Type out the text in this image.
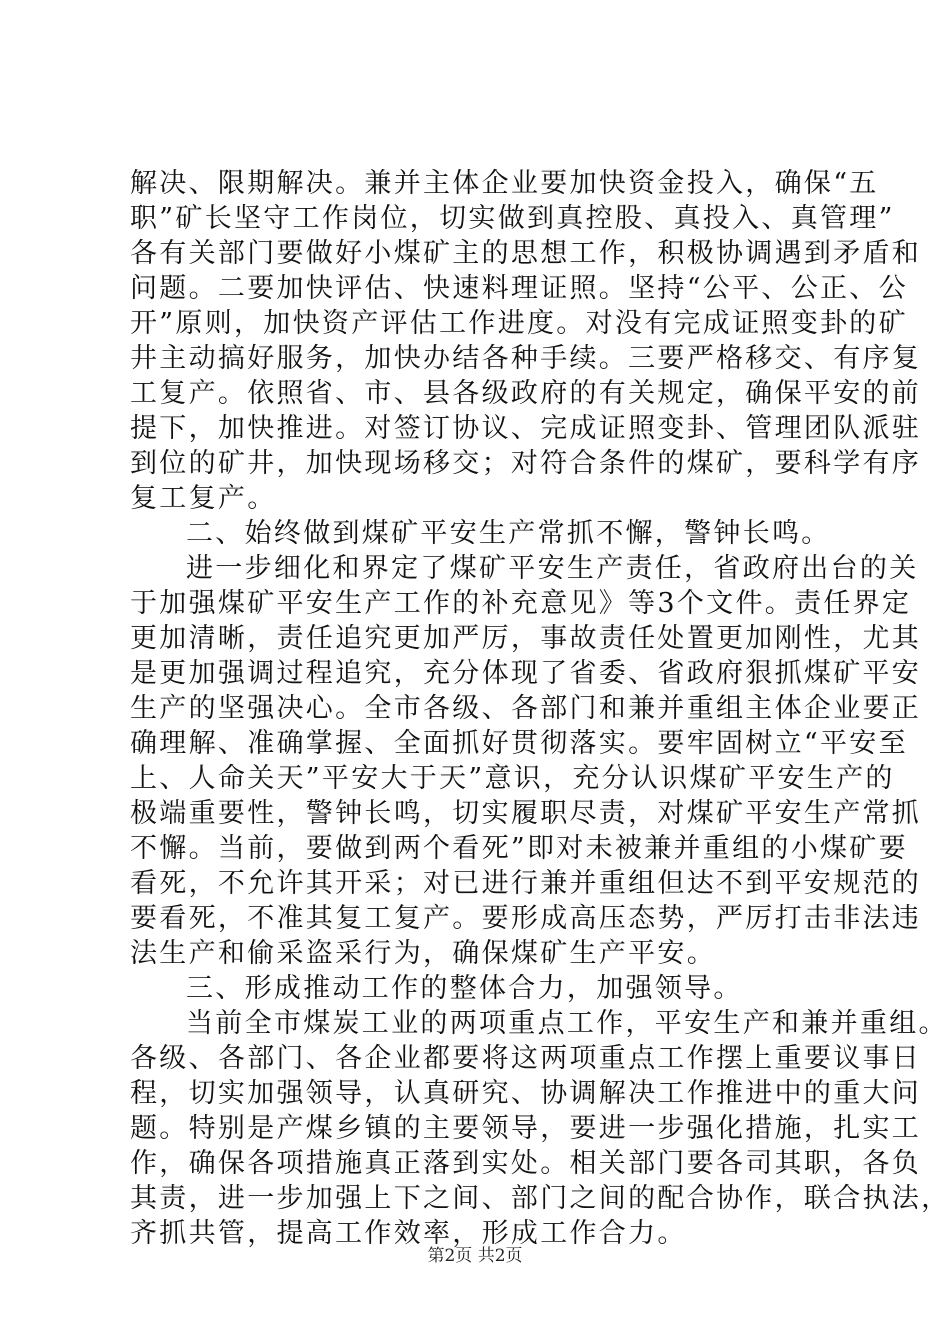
解决、限期解决。兼并主体企业要加快资金投入，确保“五
职”矿长坚守工作岗位，切实做到真控股、真投入、真管理”
各有关部门要做好小煤矿主的思想工作，积极协调遇到矛盾和
问题。二要加快评估、快速料理证照。坚持“公平、公正、公
开”原则，加快资产评估工作进度。对没有完成证照变卦的矿
井主动搞好服务，加快办结各种手续。三要严格移交、有序复
工复产。依照省、市、县各级政府的有关规定，确保平安的前
提下，加快推进。对签订协议、完成证照变卦、管理团队派驻
到位的矿井，加快现场移交；对符合条件的煤矿，要科学有序
复工复产。
二、始终做到煤矿平安生产常抓不懈，警钟长鸣。
进一步细化和界定了煤矿平安生产责任，省政府出台的关
于加强煤矿平安生产工作的补充意见》等3个文件。责任界定
更加清晰，责任追究更加严厉，事故责任处置更加刚性，尤其
是更加强调过程追究，充分体现了省委、省政府狠抓煤矿平安
生产的坚强决心。全市各级、各部门和兼并重组主体企业要正
确理解、准确掌握、全面抓好贯彻落实。要牢固树立“平安至
上、人命关天”平安大于天”意识，充分认识煤矿平安生产的
极端重要性，警钟长鸣，切实履职尽责，对煤矿平安生产常抓
不懈。当前，要做到两个看死”即对未被兼并重组的小煤矿要
看死，不允许其开采；对已进行兼并重组但达不到平安规范的
要看死，不准其复工复产。要形成高压态势，严厉打击非法违
法生产和偷采盗采行为，确保煤矿生产平安。
三、形成推动工作的整体合力，加强领导。
当前全市煤炭工业的两项重点工作，平安生产和兼并重组。
各级、各部门、各企业都要将这两项重点工作摆上重要议事日
程，切实加强领导，认真研究、协调解决工作推进中的重大问
题。特别是产煤乡镇的主要领导，要进一步强化措施，扎实工
作，确保各项措施真正落到实处。相关部门要各司其职，各负
其责，进一步加强上下之间、部门之间的配合协作，联合执法，
齐抓共管，提高工作效率，形成工作合力。
第2页 共2页
